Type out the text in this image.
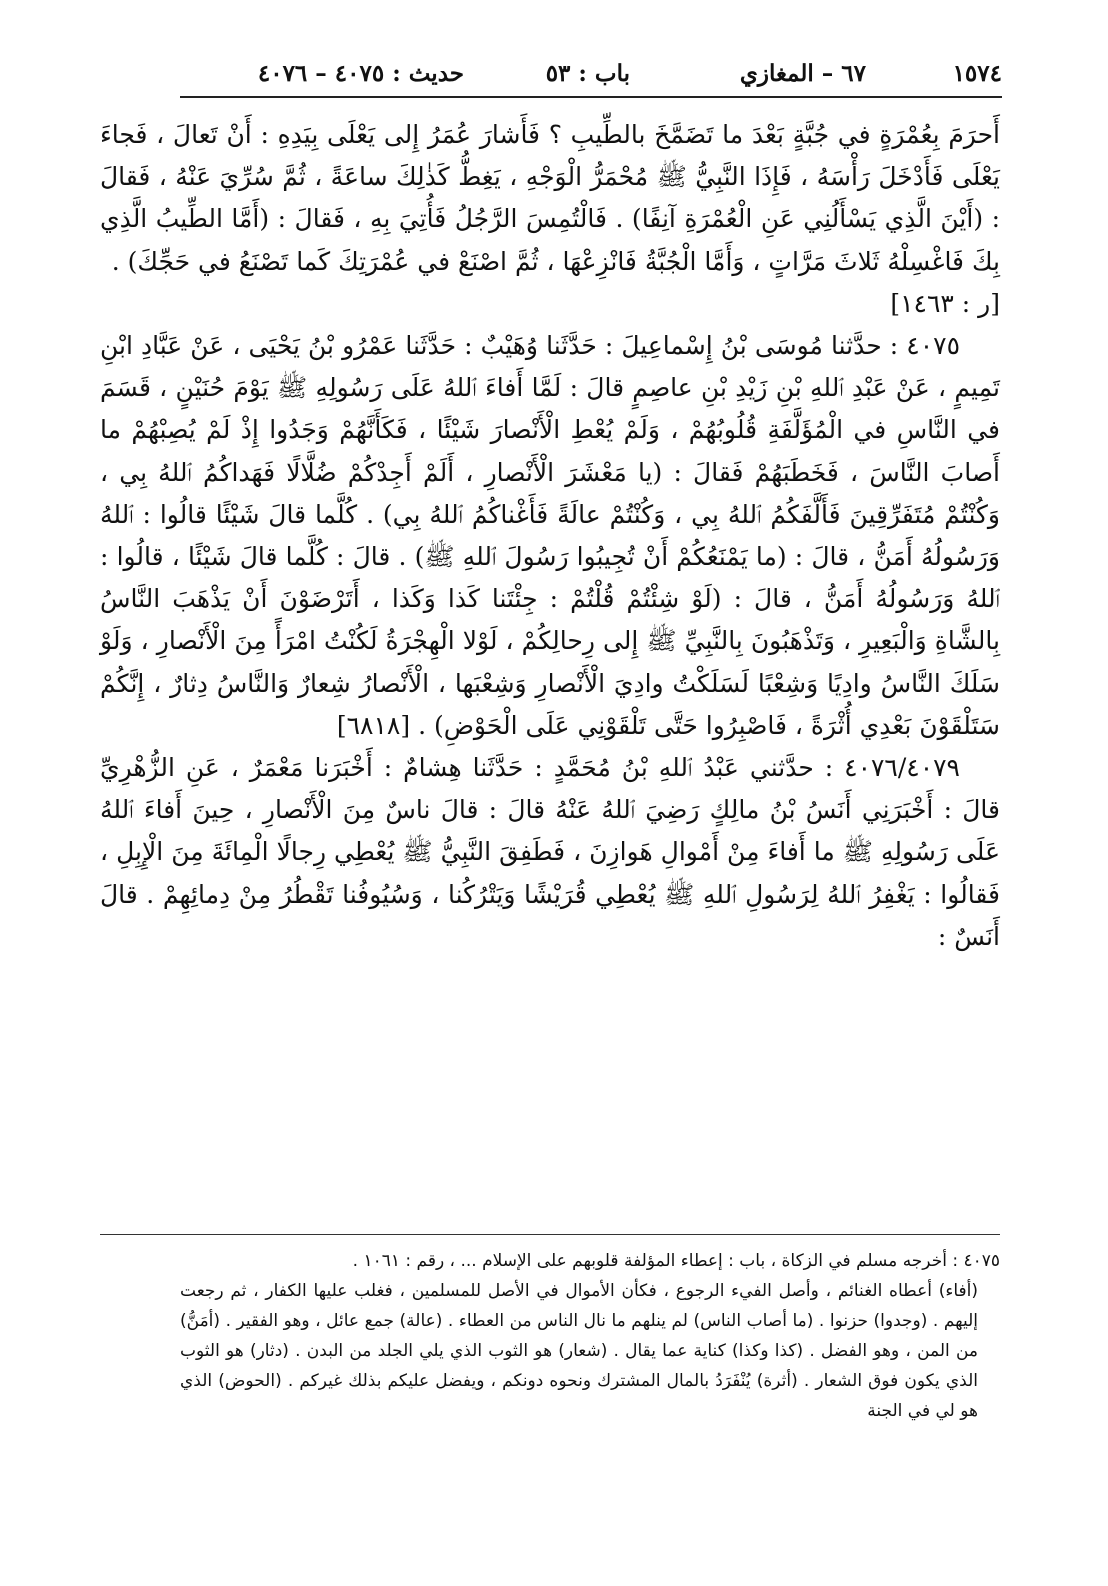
١٥٧٤
٦٧ – المغازي
باب : ٥٣
حديث : ٤٠٧٥ – ٤٠٧٦

أَحرَمَ بِعُمْرَةٍ في جُبَّةٍ بَعْدَ ما تَضَمَّخَ بالطِّيبِ ؟ فَأَشارَ عُمَرُ إِلى يَعْلَى بِيَدِهِ : أَنْ تَعالَ ، فَجاءَ يَعْلَى فَأَدْخَلَ رَأْسَهُ ، فَإِذَا النَّبِيُّ ﷺ مُحْمَرُّ الْوَجْهِ ، يَغِطُّ كَذٰلِكَ ساعَةً ، ثُمَّ سُرِّيَ عَنْهُ ، فَقالَ : (أَيْنَ الَّذِي يَسْأَلُنِي عَنِ الْعُمْرَةِ آنِفًا) . فَالْتُمِسَ الرَّجُلُ فَأُتِيَ بِهِ ، فَقالَ : (أَمَّا الطِّيبُ الَّذِي بِكَ فَاغْسِلْهُ ثَلاثَ مَرَّاتٍ ، وَأَمَّا الْجُبَّةُ فَانْزِعْهَا ، ثُمَّ اصْنَعْ في عُمْرَتِكَ كَما تَصْنَعُ في حَجِّكَ) .

[ر : ١٤٦٣]

٤٠٧٥ : حدَّثنا مُوسَى بْنُ إِسْماعِيلَ : حَدَّثَنا وُهَيْبٌ : حَدَّثَنا عَمْرُو بْنُ يَحْيَى ، عَنْ عَبَّادِ ابْنِ تَمِيمٍ ، عَنْ عَبْدِ ٱللهِ بْنِ زَيْدِ بْنِ عاصِمٍ قالَ : لَمَّا أَفاءَ ٱللهُ عَلَى رَسُولِهِ ﷺ يَوْمَ حُنَيْنٍ ، قَسَمَ في النَّاسِ في الْمُؤَلَّفَةِ قُلُوبُهُمْ ، وَلَمْ يُعْطِ الْأَنْصارَ شَيْئًا ، فَكَأَنَّهُمْ وَجَدُوا إِذْ لَمْ يُصِبْهُمْ ما أَصابَ النَّاسَ ، فَخَطَبَهُمْ فَقالَ : (يا مَعْشَرَ الْأَنْصارِ ، أَلَمْ أَجِدْكُمْ ضُلَّالًا فَهَداكُمُ ٱللهُ بِي ، وَكُنْتُمْ مُتَفَرِّقِينَ فَأَلَّفَكُمُ ٱللهُ بِي ، وَكُنْتُمْ عالَةً فَأَغْناكُمُ ٱللهُ بِي) . كُلَّما قالَ شَيْئًا قالُوا : ٱللهُ وَرَسُولُهُ أَمَنُّ ، قالَ : (ما يَمْنَعُكُمْ أَنْ تُجِيبُوا رَسُولَ ٱللهِ ﷺ) . قالَ : كُلَّما قالَ شَيْئًا ، قالُوا : ٱللهُ وَرَسُولُهُ أَمَنُّ ، قالَ : (لَوْ شِئْتُمْ قُلْتُمْ : جِئْتَنا كَذا وَكَذا ، أَتَرْضَوْنَ أَنْ يَذْهَبَ النَّاسُ بِالشَّاةِ وَالْبَعِيرِ ، وَتَذْهَبُونَ بِالنَّبِيِّ ﷺ إِلى رِحالِكُمْ ، لَوْلا الْهِجْرَةُ لَكُنْتُ امْرَأً مِنَ الْأَنْصارِ ، وَلَوْ سَلَكَ النَّاسُ وادِيًا وَشِعْبًا لَسَلَكْتُ وادِيَ الْأَنْصارِ وَشِعْبَها ، الْأَنْصارُ شِعارٌ وَالنَّاسُ دِثارٌ ، إِنَّكُمْ سَتَلْقَوْنَ بَعْدِي أُثْرَةً ، فَاصْبِرُوا حَتَّى تَلْقَوْنِي عَلَى الْحَوْضِ) . [٦٨١٨]

٤٠٧٦/٤٠٧٩ : حدَّثني عَبْدُ ٱللهِ بْنُ مُحَمَّدٍ : حَدَّثَنا هِشامٌ : أَخْبَرَنا مَعْمَرٌ ، عَنِ الزُّهْرِيِّ قالَ : أَخْبَرَنِي أَنَسُ بْنُ مالِكٍ رَضِيَ ٱللهُ عَنْهُ قالَ : قالَ ناسٌ مِنَ الْأَنْصارِ ، حِينَ أَفاءَ ٱللهُ عَلَى رَسُولِهِ ﷺ ما أَفاءَ مِنْ أَمْوالِ هَوازِنَ ، فَطَفِقَ النَّبِيُّ ﷺ يُعْطِي رِجالًا الْمِائَةَ مِنَ الْإِبِلِ ، فَقالُوا : يَغْفِرُ ٱللهُ لِرَسُولِ ٱللهِ ﷺ يُعْطِي قُرَيْشًا وَيَتْرُكُنا ، وَسُيُوفُنا تَقْطُرُ مِنْ دِمائِهِمْ . قالَ أَنَسٌ :

٤٠٧٥ : أخرجه مسلم في الزكاة ، باب : إعطاء المؤلفة قلوبهم على الإسلام ... ، رقم : ١٠٦١ .

(أفاء) أعطاه الغنائم ، وأصل الفيء الرجوع ، فكأن الأموال في الأصل للمسلمين ، فغلب عليها الكفار ، ثم رجعت إليهم . (وجدوا) حزنوا . (ما أصاب الناس) لم ينلهم ما نال الناس من العطاء . (عالة) جمع عائل ، وهو الفقير . (أمَنُّ) من المن ، وهو الفضل . (كذا وكذا) كناية عما يقال . (شعار) هو الثوب الذي يلي الجلد من البدن . (دثار) هو الثوب الذي يكون فوق الشعار . (أثرة) يُنْفَرَدُ بالمال المشترك ونحوه دونكم ، ويفضل عليكم بذلك غيركم . (الحوض) الذي هو لي في الجنة
